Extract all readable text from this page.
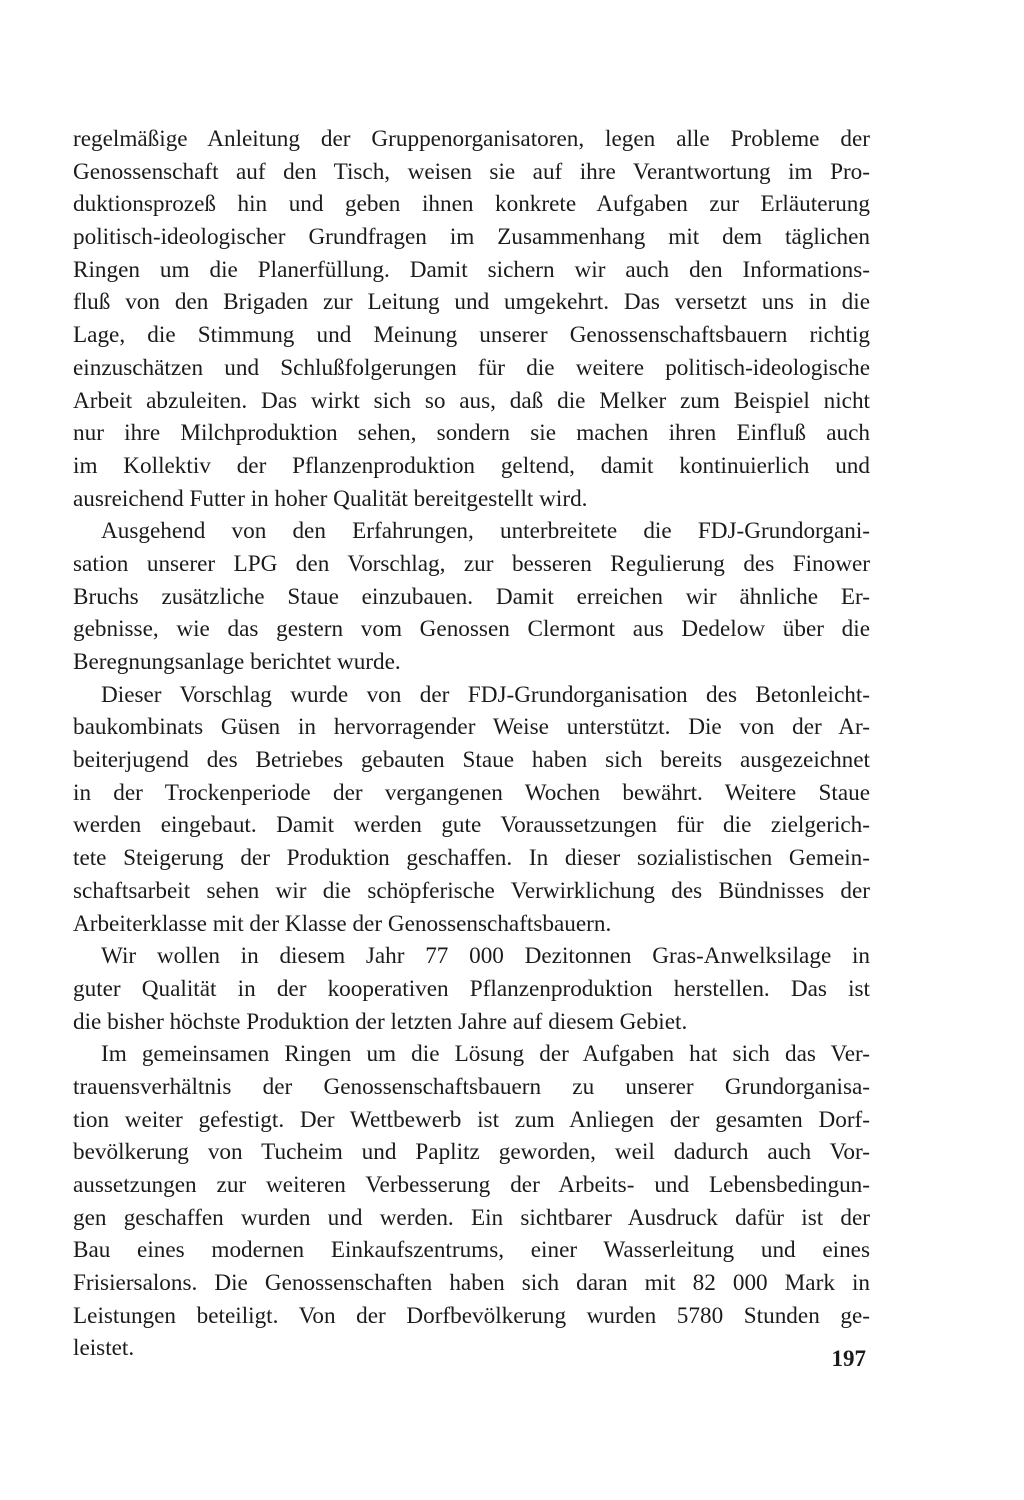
regelmäßige Anleitung der Gruppenorganisatoren, legen alle Probleme der
Genossenschaft auf den Tisch, weisen sie auf ihre Verantwortung im Pro-
duktionsprozeß hin und geben ihnen konkrete Aufgaben zur Erläuterung
politisch-ideologischer Grundfragen im Zusammenhang mit dem täglichen
Ringen um die Planerfüllung. Damit sichern wir auch den Informations-
fluß von den Brigaden zur Leitung und umgekehrt. Das versetzt uns in die
Lage, die Stimmung und Meinung unserer Genossenschaftsbauern richtig
einzuschätzen und Schlußfolgerungen für die weitere politisch-ideologische
Arbeit abzuleiten. Das wirkt sich so aus, daß die Melker zum Beispiel nicht
nur ihre Milchproduktion sehen, sondern sie machen ihren Einfluß auch
im Kollektiv der Pflanzenproduktion geltend, damit kontinuierlich und
ausreichend Futter in hoher Qualität bereitgestellt wird.
Ausgehend von den Erfahrungen, unterbreitete die FDJ-Grundorgani-
sation unserer LPG den Vorschlag, zur besseren Regulierung des Finower
Bruchs zusätzliche Staue einzubauen. Damit erreichen wir ähnliche Er-
gebnisse, wie das gestern vom Genossen Clermont aus Dedelow über die
Beregnungsanlage berichtet wurde.
Dieser Vorschlag wurde von der FDJ-Grundorganisation des Betonleicht-
baukombinats Güsen in hervorragender Weise unterstützt. Die von der Ar-
beiterjugend des Betriebes gebauten Staue haben sich bereits ausgezeichnet
in der Trockenperiode der vergangenen Wochen bewährt. Weitere Staue
werden eingebaut. Damit werden gute Voraussetzungen für die zielgerich-
tete Steigerung der Produktion geschaffen. In dieser sozialistischen Gemein-
schaftsarbeit sehen wir die schöpferische Verwirklichung des Bündnisses der
Arbeiterklasse mit der Klasse der Genossenschaftsbauern.
Wir wollen in diesem Jahr 77 000 Dezitonnen Gras-Anwelksilage in
guter Qualität in der kooperativen Pflanzenproduktion herstellen. Das ist
die bisher höchste Produktion der letzten Jahre auf diesem Gebiet.
Im gemeinsamen Ringen um die Lösung der Aufgaben hat sich das Ver-
trauensverhältnis der Genossenschaftsbauern zu unserer Grundorganisa-
tion weiter gefestigt. Der Wettbewerb ist zum Anliegen der gesamten Dorf-
bevölkerung von Tucheim und Paplitz geworden, weil dadurch auch Vor-
aussetzungen zur weiteren Verbesserung der Arbeits- und Lebensbedingun-
gen geschaffen wurden und werden. Ein sichtbarer Ausdruck dafür ist der
Bau eines modernen Einkaufszentrums, einer Wasserleitung und eines
Frisiersalons. Die Genossenschaften haben sich daran mit 82 000 Mark in
Leistungen beteiligt. Von der Dorfbevölkerung wurden 5780 Stunden ge-
leistet.	197
